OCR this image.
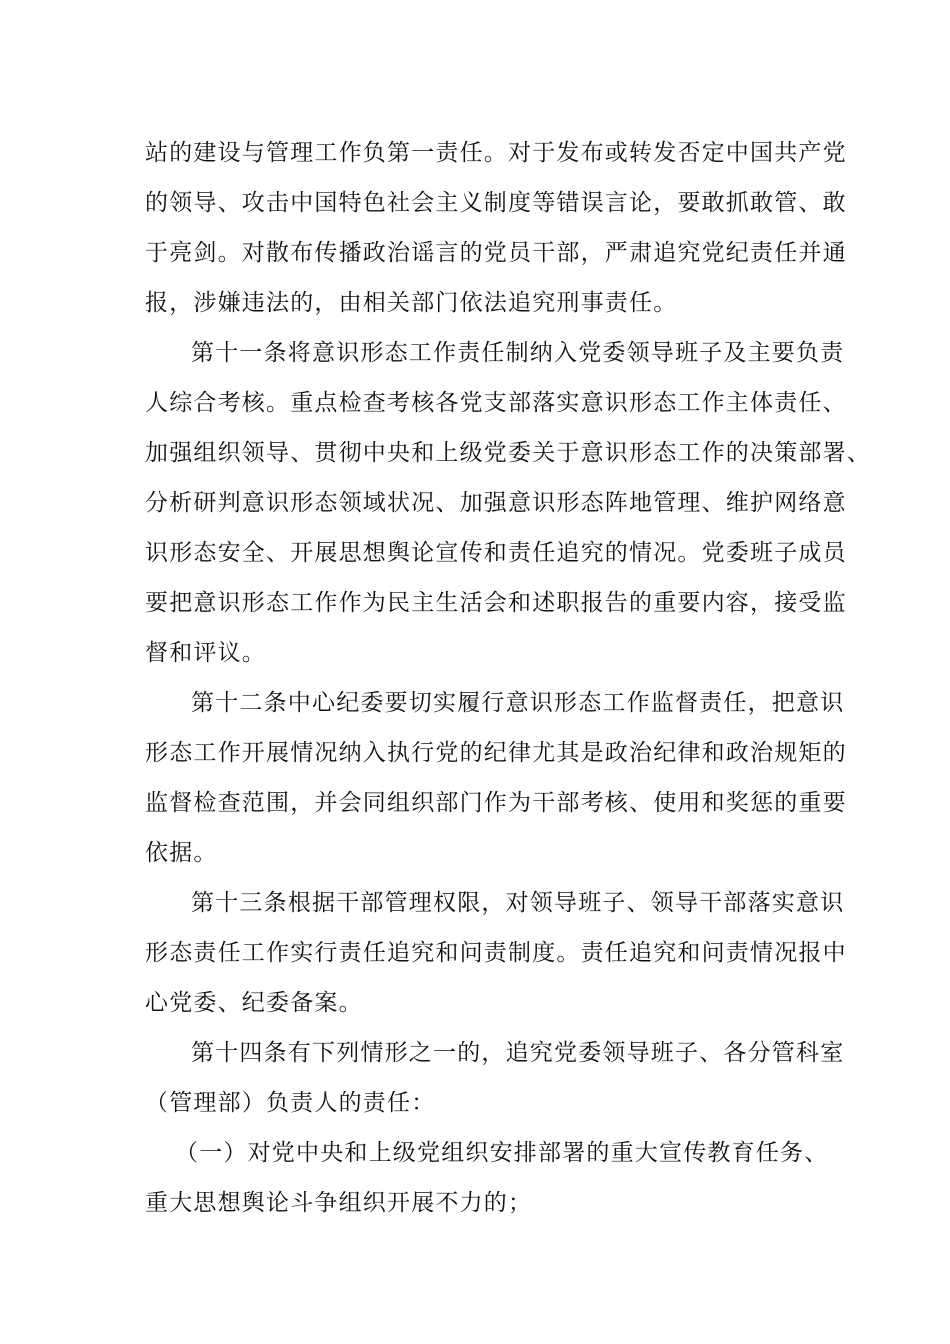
站的建设与管理工作负第一责任。对于发布或转发否定中国共产党
的领导、攻击中国特色社会主义制度等错误言论，要敢抓敢管、敢
于亮剑。对散布传播政治谣言的党员干部，严肃追究党纪责任并通
报，涉嫌违法的，由相关部门依法追究刑事责任。

第十一条将意识形态工作责任制纳入党委领导班子及主要负责
人综合考核。重点检查考核各党支部落实意识形态工作主体责任、
加强组织领导、贯彻中央和上级党委关于意识形态工作的决策部署、
分析研判意识形态领域状况、加强意识形态阵地管理、维护网络意
识形态安全、开展思想舆论宣传和责任追究的情况。党委班子成员
要把意识形态工作作为民主生活会和述职报告的重要内容，接受监
督和评议。

第十二条中心纪委要切实履行意识形态工作监督责任，把意识
形态工作开展情况纳入执行党的纪律尤其是政治纪律和政治规矩的
监督检查范围，并会同组织部门作为干部考核、使用和奖惩的重要
依据。

第十三条根据干部管理权限，对领导班子、领导干部落实意识
形态责任工作实行责任追究和问责制度。责任追究和问责情况报中
心党委、纪委备案。

第十四条有下列情形之一的，追究党委领导班子、各分管科室
（管理部）负责人的责任：

（一）对党中央和上级党组织安排部署的重大宣传教育任务、
重大思想舆论斗争组织开展不力的；
